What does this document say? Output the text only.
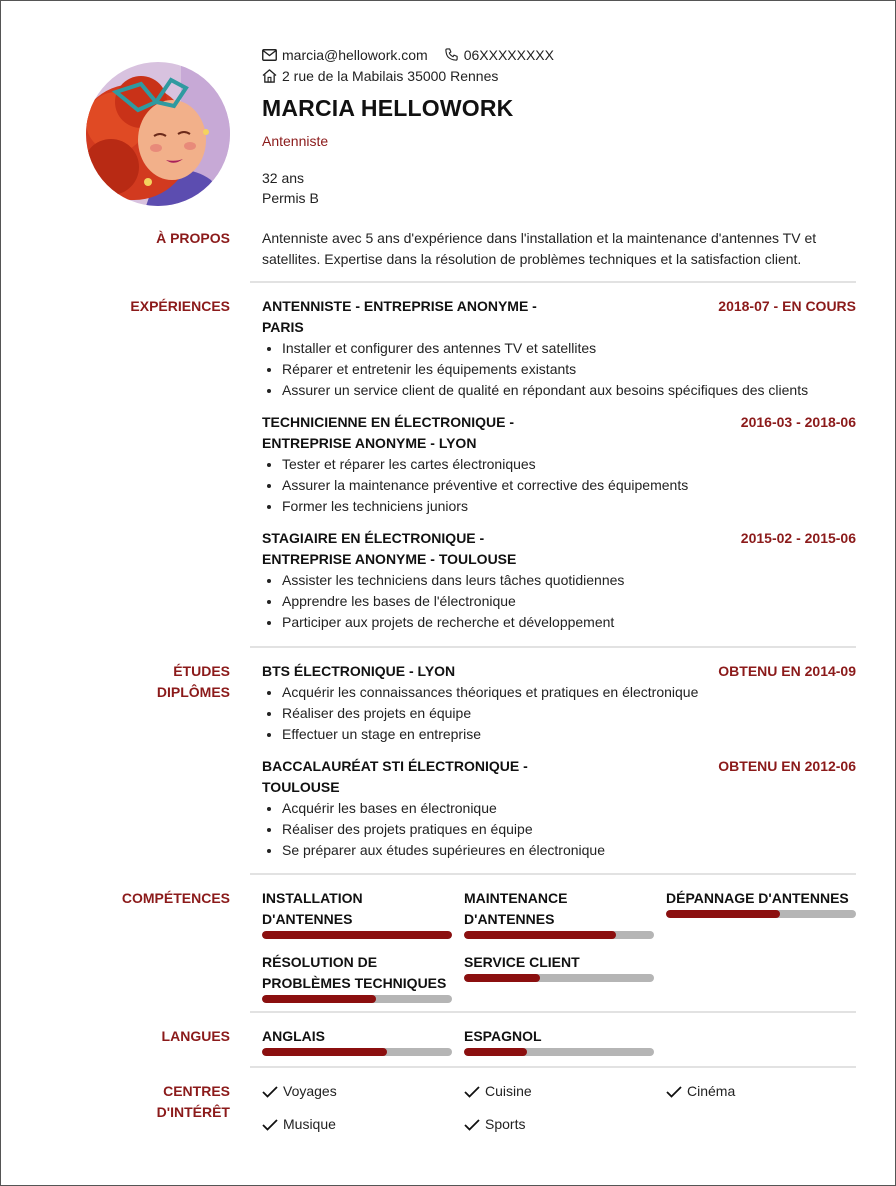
marcia@hellowork.com	06XXXXXXXX
2 rue de la Mabilais 35000 Rennes
MARCIA HELLOWORK
Antenniste
32 ans
Permis B
À PROPOS Antenniste avec 5 ans d'expérience dans l'installation et la maintenance d'antennes TV et satellites. Expertise dans la résolution de problèmes techniques et la satisfaction client.
EXPÉRIENCES ANTENNISTE - ENTREPRISE ANONYME - PARIS
2018-07 - EN COURS
• Installer et configurer des antennes TV et satellites
• Réparer et entretenir les équipements existants
• Assurer un service client de qualité en répondant aux besoins spécifiques des clients
TECHNICIENNE EN ÉLECTRONIQUE - ENTREPRISE ANONYME - LYON
2016-03 - 2018-06
• Tester et réparer les cartes électroniques
• Assurer la maintenance préventive et corrective des équipements
• Former les techniciens juniors
STAGIAIRE EN ÉLECTRONIQUE - ENTREPRISE ANONYME - TOULOUSE
2015-02 - 2015-06
• Assister les techniciens dans leurs tâches quotidiennes
• Apprendre les bases de l'électronique
• Participer aux projets de recherche et développement
ÉTUDES
DIPLÔMES
BTS ÉLECTRONIQUE - LYON	OBTENU EN 2014-09
• Acquérir les connaissances théoriques et pratiques en électronique
• Réaliser des projets en équipe
• Effectuer un stage en entreprise
BACCALAURÉAT STI ÉLECTRONIQUE - TOULOUSE
OBTENU EN 2012-06
• Acquérir les bases en électronique
• Réaliser des projets pratiques en équipe
• Se préparer aux études supérieures en électronique
COMPÉTENCES INSTALLATION D'ANTENNES
MAINTENANCE D'ANTENNES
DÉPANNAGE D'ANTENNES
RÉSOLUTION DE PROBLÈMES TECHNIQUES
SERVICE CLIENT
LANGUES ANGLAIS	ESPAGNOL
CENTRES
D'INTÉRÊT
Voyages	Cuisine	Cinéma
Musique	Sports
